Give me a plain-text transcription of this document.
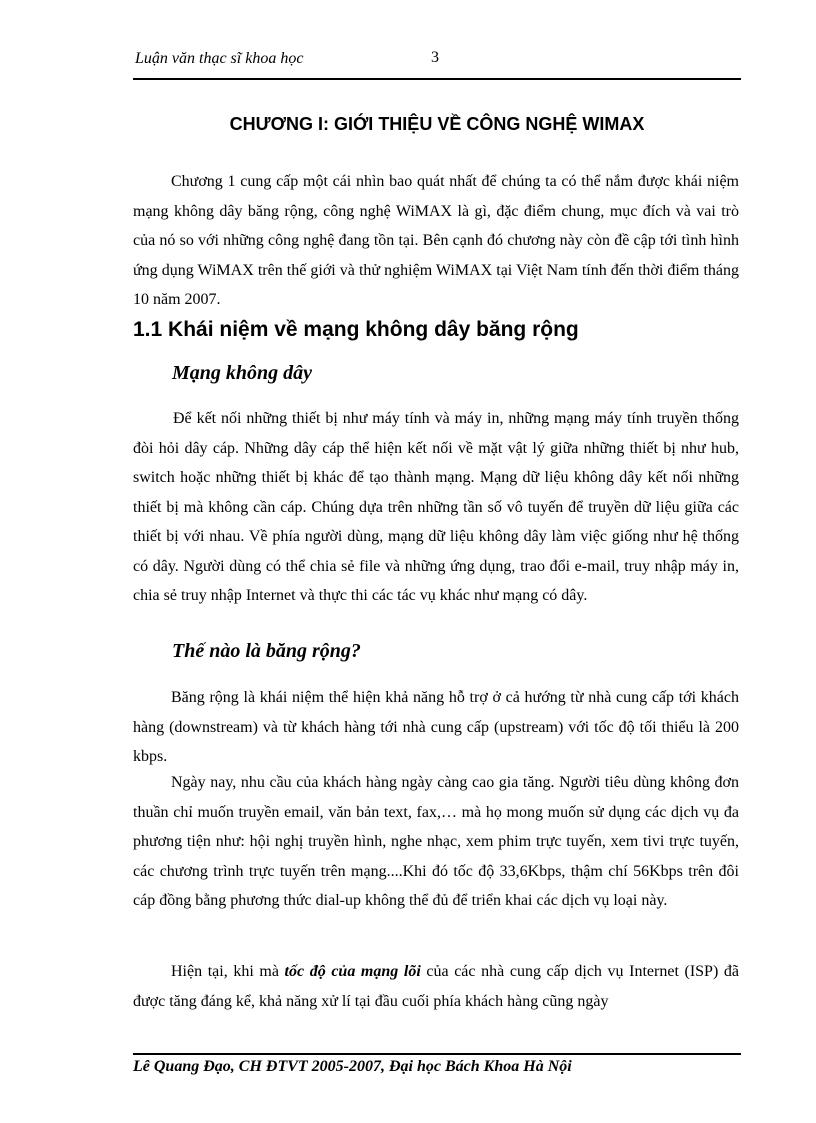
Luận văn thạc sĩ khoa học	3
CHƯƠNG I: GIỚI THIỆU VỀ CÔNG NGHỆ WIMAX

Chương 1 cung cấp một cái nhìn bao quát nhất để chúng ta có thể nắm được khái niệm mạng không dây băng rộng, công nghệ WiMAX là gì, đặc điểm chung, mục đích và vai trò của nó so với những công nghệ đang tồn tại. Bên cạnh đó chương này còn đề cập tới tình hình ứng dụng WiMAX trên thế giới và thử nghiệm WiMAX tại Việt Nam tính đến thời điểm tháng 10 năm 2007.

1.1 Khái niệm về mạng không dây băng rộng
Mạng không dây

Để kết nối những thiết bị như máy tính và máy in, những mạng máy tính truyền thống đòi hỏi dây cáp. Những dây cáp thể hiện kết nối về mặt vật lý giữa những thiết bị như hub, switch hoặc những thiết bị khác để tạo thành mạng. Mạng dữ liệu không dây kết nối những thiết bị mà không cần cáp. Chúng dựa trên những tần số vô tuyến để truyền dữ liệu giữa các thiết bị với nhau. Về phía người dùng, mạng dữ liệu không dây làm việc giống như hệ thống có dây. Người dùng có thể chia sẻ file và những ứng dụng, trao đổi e-mail, truy nhập máy in, chia sẻ truy nhập Internet và thực thi các tác vụ khác như mạng có dây.

Thế nào là băng rộng?

Băng rộng là khái niệm thể hiện khả năng hỗ trợ ở cả hướng từ nhà cung cấp tới khách hàng (downstream) và từ khách hàng tới nhà cung cấp (upstream) với tốc độ tối thiểu là 200 kbps.

Ngày nay, nhu cầu của khách hàng ngày càng cao gia tăng. Người tiêu dùng không đơn thuần chỉ muốn truyền email, văn bản text, fax,… mà họ mong muốn sử dụng các dịch vụ đa phương tiện như: hội nghị truyền hình, nghe nhạc, xem phim trực tuyến, xem tivi trực tuyến, các chương trình trực tuyến trên mạng....Khi đó tốc độ 33,6Kbps, thậm chí 56Kbps trên đôi cáp đồng bằng phương thức dial-up không thể đủ để triển khai các dịch vụ loại này.

Hiện tại, khi mà tốc độ của mạng lõi của các nhà cung cấp dịch vụ Internet (ISP) đã được tăng đáng kể, khả năng xử lí tại đầu cuối phía khách hàng cũng ngày

Lê Quang Đạo, CH ĐTVT 2005-2007, Đại học Bách Khoa Hà Nội
